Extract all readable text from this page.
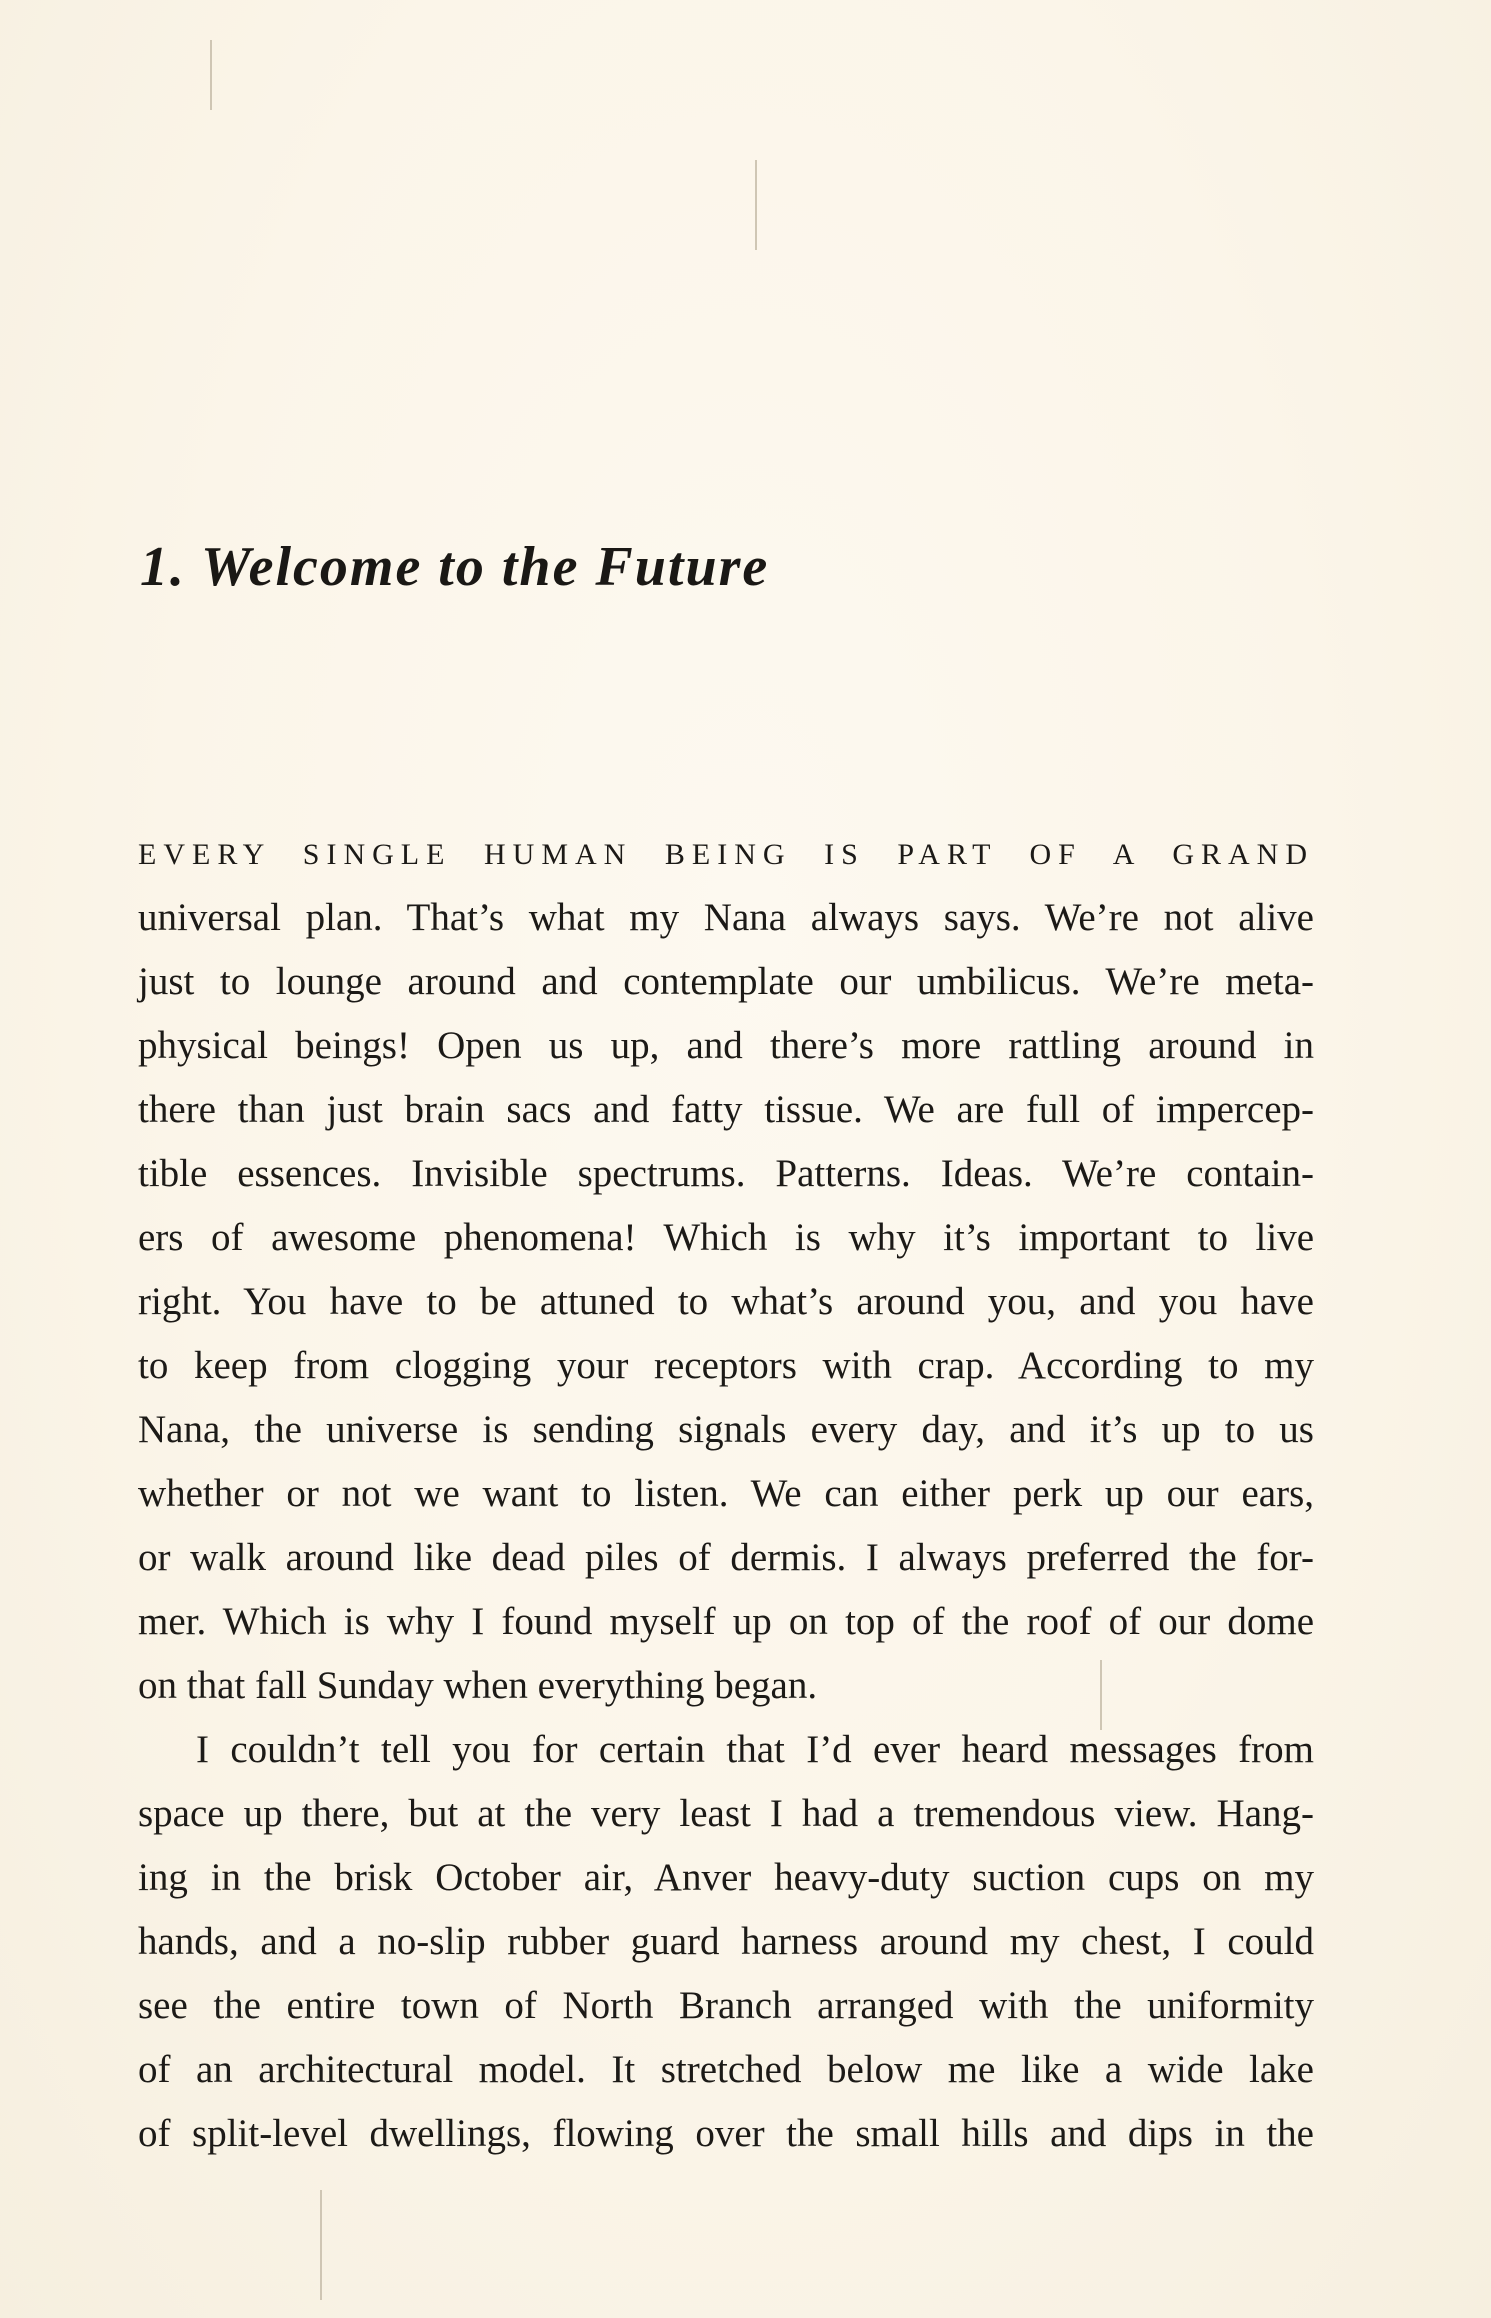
1. Welcome to the Future
EVERY SINGLE HUMAN BEING IS PART OF A GRAND
universal plan. That’s what my Nana always says. We’re not alive
just to lounge around and contemplate our umbilicus. We’re meta-
physical beings! Open us up, and there’s more rattling around in
there than just brain sacs and fatty tissue. We are full of impercep-
tible essences. Invisible spectrums. Patterns. Ideas. We’re contain-
ers of awesome phenomena! Which is why it’s important to live
right. You have to be attuned to what’s around you, and you have
to keep from clogging your receptors with crap. According to my
Nana, the universe is sending signals every day, and it’s up to us
whether or not we want to listen. We can either perk up our ears,
or walk around like dead piles of dermis. I always preferred the for-
mer. Which is why I found myself up on top of the roof of our dome
on that fall Sunday when everything began.
I couldn’t tell you for certain that I’d ever heard messages from
space up there, but at the very least I had a tremendous view. Hang-
ing in the brisk October air, Anver heavy-duty suction cups on my
hands, and a no-slip rubber guard harness around my chest, I could
see the entire town of North Branch arranged with the uniformity
of an architectural model. It stretched below me like a wide lake
of split-level dwellings, flowing over the small hills and dips in the
